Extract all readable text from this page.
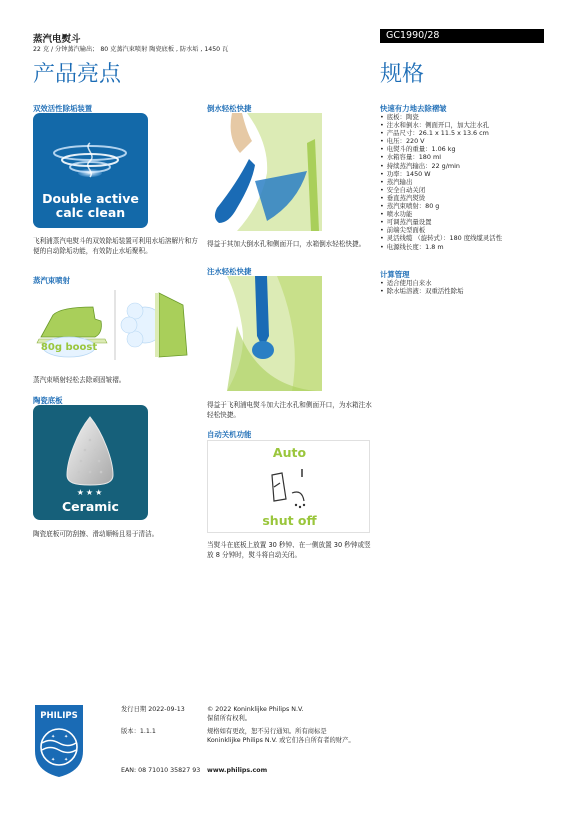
蒸汽电熨斗
22 克 / 分钟蒸汽输出； 80 克蒸汽束喷射 陶瓷底板 , 防水垢 , 1450 瓦
GC1990/28
产品亮点	规格
双效活性除垢装置
Double active
calc clean
飞利浦蒸汽电熨斗的双效除垢装置可利用水垢溶解片和方便的自动除垢功能，有效防止水垢聚积。
蒸汽束喷射
80g boost
蒸汽束喷射轻松去除顽固皱褶。
陶瓷底板
★★★
Ceramic
陶瓷底板可防刮擦、滑动顺畅且易于清洁。
倒水轻松快捷
得益于其加大倒水孔和侧面开口，水箱倒水轻松快捷。
注水轻松快捷
得益于飞利浦电熨斗加大注水孔和侧面开口，为水箱注水轻松快捷。
自动关机功能
Auto
shut off
当熨斗在底板上放置 30 秒钟、在一侧放置 30 秒钟或竖放 8 分钟时，熨斗将自动关闭。
快速有力地去除褶皱
• 底板：陶瓷
• 注水和倒水：侧面开口，加大注水孔
• 产品尺寸：26.1 x 11.5 x 13.6 cm
• 电压：220 V
• 电熨斗的重量：1.06 kg
• 水箱容量：180 ml
• 持续蒸汽输出：22 g/min
• 功率：1450 W
• 蒸汽输出
• 安全自动关闭
• 垂直蒸汽熨烫
• 蒸汽束喷射：80 g
• 喷水功能
• 可调蒸汽量设置
• 前端尖型面板
• 灵活线缆 （旋转式）：180 度线缆灵活性
• 电源线长度：1.8 m
计算管理
• 适合使用自来水
• 除水垢溶液：双重活性除垢
PHILIPS
✦ ✦
✦ ✦
发行日期 2022-09-13
版本：1.1.1
EAN: 08 71010 35827 93
© 2022 Koninklijke Philips N.V.
保留所有权利。
规格如有更改，恕不另行通知。所有商标是
Koninklijke Philips N.V. 或它们各自所有者的财产。
www.philips.com
